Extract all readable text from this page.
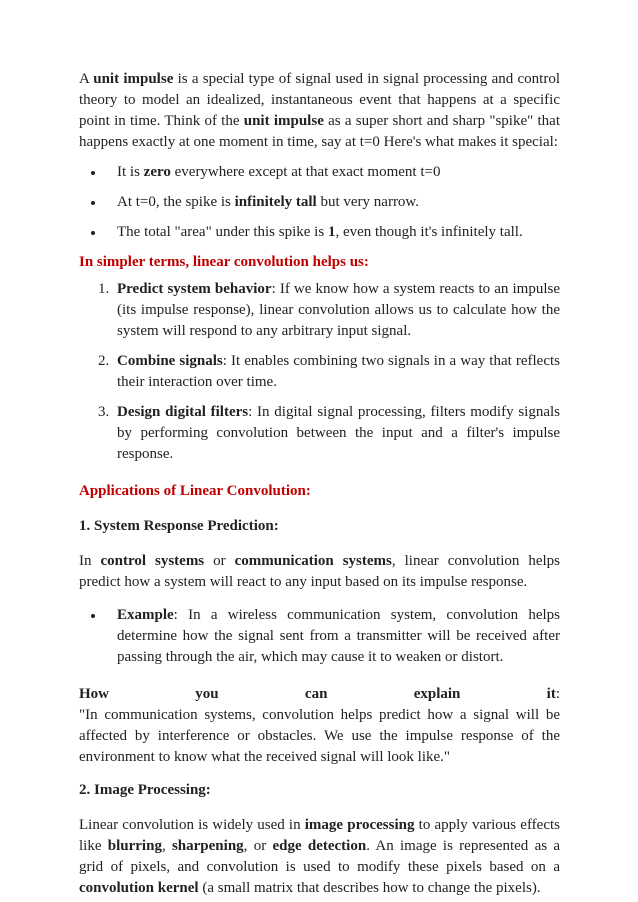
A unit impulse is a special type of signal used in signal processing and control theory to model an idealized, instantaneous event that happens at a specific point in time. Think of the unit impulse as a super short and sharp "spike" that happens exactly at one moment in time, say at t=0 Here's what makes it special:

It is zero everywhere except at that exact moment t=0
At t=0, the spike is infinitely tall but very narrow.
The total "area" under this spike is 1, even though it's infinitely tall.

In simpler terms, linear convolution helps us:

1. Predict system behavior: If we know how a system reacts to an impulse (its impulse response), linear convolution allows us to calculate how the system will respond to any arbitrary input signal.
2. Combine signals: It enables combining two signals in a way that reflects their interaction over time.
3. Design digital filters: In digital signal processing, filters modify signals by performing convolution between the input and a filter's impulse response.

Applications of Linear Convolution:

1. System Response Prediction:

In control systems or communication systems, linear convolution helps predict how a system will react to any input based on its impulse response.

Example: In a wireless communication system, convolution helps determine how the signal sent from a transmitter will be received after passing through the air, which may cause it to weaken or distort.
How	you	can	explain	it:

"In communication systems, convolution helps predict how a signal will be affected by interference or obstacles. We use the impulse response of the environment to know what the received signal will look like."

2. Image Processing:

Linear convolution is widely used in image processing to apply various effects like blurring, sharpening, or edge detection. An image is represented as a grid of pixels, and convolution is used to modify these pixels based on a convolution kernel (a small matrix that describes how to change the pixels).
